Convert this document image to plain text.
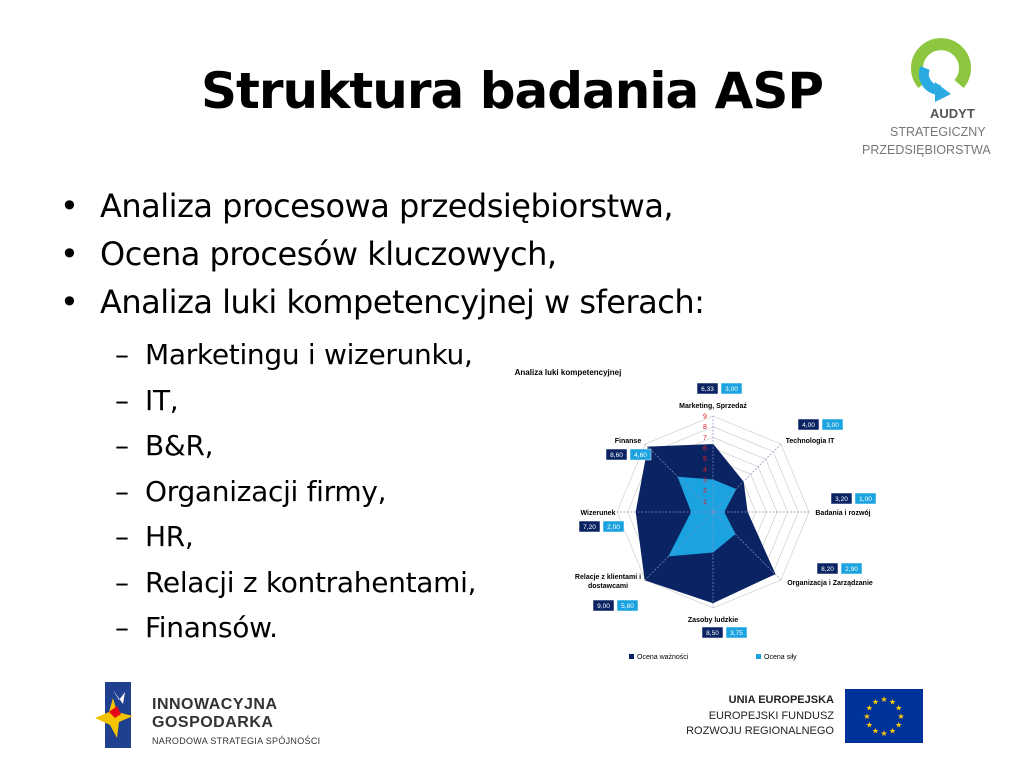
Struktura badania ASP
• Analiza procesowa przedsiębiorstwa,
• Ocena procesów kluczowych,
• Analiza luki kompetencyjnej w sferach:
– Marketingu i wizerunku,
– IT,
– B&R,
– Organizacji firmy,
– HR,
– Relacji z kontrahentami,
– Finansów.
AUDYT
STRATEGICZNY
PRZEDSIĘBIORSTWA
Analiza luki kompetencyjnej
1
2
3
4
5
6
7
8
9
Marketing, Sprzedaż
Technologia IT
Badania i rozwój
Organizacja i Zarządzanie
Zasoby ludzkie
Relacje z klientami i dostawcami
Wizerunek
Finanse
6,33 3,00
4,00 3,00
3,20 1,00
8,20 2,90
8,50 3,75
9,00 5,80
7,20 2,00
8,60 4,60
Ocena ważności	Ocena siły
INNOWACYJNA
GOSPODARKA
NARODOWA STRATEGIA SPÓJNOŚCI
UNIA EUROPEJSKA
EUROPEJSKI FUNDUSZ
ROZWOJU REGIONALNEGO
★
★
★
★
★
★
★
★
★ ★ ★
★
